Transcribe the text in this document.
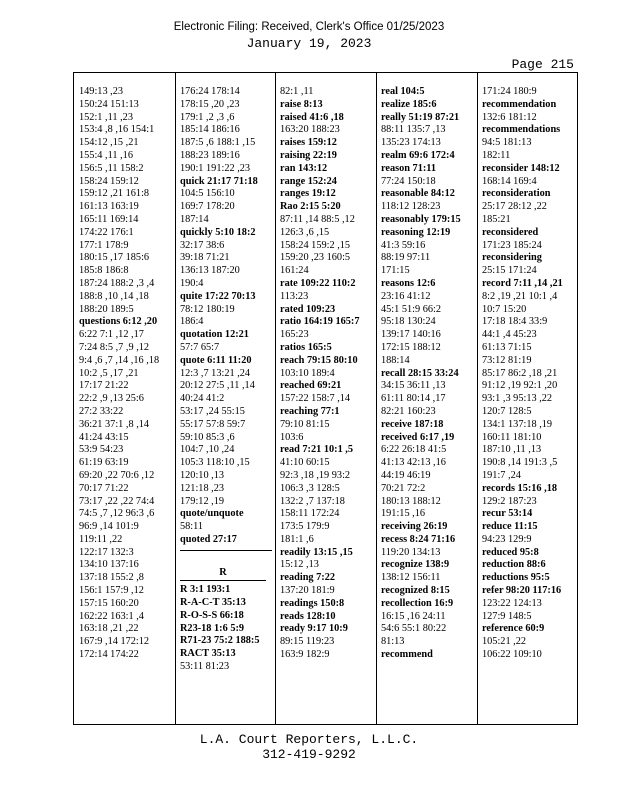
Electronic Filing: Received, Clerk's Office 01/25/2023
January 19, 2023
Page 215
149:13 ,23
150:24 151:13
152:1 ,11 ,23
153:4 ,8 ,16 154:1
154:12 ,15 ,21
155:4 ,11 ,16
156:5 ,11 158:2
158:24 159:12
159:12 ,21 161:8
161:13 163:19
165:11 169:14
174:22 176:1
177:1 178:9
180:15 ,17 185:6
185:8 186:8
187:24 188:2 ,3 ,4
188:8 ,10 ,14 ,18
188:20 189:5
questions 6:12 ,20
6:22 7:1 ,12 ,17
7:24 8:5 ,7 ,9 ,12
9:4 ,6 ,7 ,14 ,16 ,18
10:2 ,5 ,17 ,21
17:17 21:22
22:2 ,9 ,13 25:6
27:2 33:22
36:21 37:1 ,8 ,14
41:24 43:15
53:9 54:23
61:19 63:19
69:20 ,22 70:6 ,12
70:17 71:22
73:17 ,22 ,22 74:4
74:5 ,7 ,12 96:3 ,6
96:9 ,14 101:9
119:11 ,22
122:17 132:3
134:10 137:16
137:18 155:2 ,8
156:1 157:9 ,12
157:15 160:20
162:22 163:1 ,4
163:18 ,21 ,22
167:9 ,14 172:12
172:14 174:22
176:24 178:14
178:15 ,20 ,23
179:1 ,2 ,3 ,6
185:14 186:16
187:5 ,6 188:1 ,15
188:23 189:16
190:1 191:22 ,23
quick 21:17 71:18
104:5 156:10
169:7 178:20
187:14
quickly 5:10 18:2
32:17 38:6
39:18 71:21
136:13 187:20
190:4
quite 17:22 70:13
78:12 180:19
186:4
quotation 12:21
57:7 65:7
quote 6:11 11:20
12:3 ,7 13:21 ,24
20:12 27:5 ,11 ,14
40:24 41:2
53:17 ,24 55:15
55:17 57:8 59:7
59:10 85:3 ,6
104:7 ,10 ,24
105:3 118:10 ,15
120:10 ,13
121:18 ,23
179:12 ,19
quote/unquote
58:11
quoted 27:17
R
R 3:1 193:1
R-A-C-T 35:13
R-O-S-S 66:18
R23-18 1:6 5:9
R71-23 75:2 188:5
RACT 35:13
53:11 81:23
82:1 ,11
raise 8:13
raised 41:6 ,18
163:20 188:23
raises 159:12
raising 22:19
ran 143:12
range 152:24
ranges 19:12
Rao 2:15 5:20
87:11 ,14 88:5 ,12
126:3 ,6 ,15
158:24 159:2 ,15
159:20 ,23 160:5
161:24
rate 109:22 110:2
113:23
rated 109:23
ratio 164:19 165:7
165:23
ratios 165:5
reach 79:15 80:10
103:10 189:4
reached 69:21
157:22 158:7 ,14
reaching 77:1
79:10 81:15
103:6
read 7:21 10:1 ,5
41:10 60:15
92:3 ,18 ,19 93:2
106:3 ,3 128:5
132:2 ,7 137:18
158:11 172:24
173:5 179:9
181:1 ,6
readily 13:15 ,15
15:12 ,13
reading 7:22
137:20 181:9
readings 150:8
reads 128:10
ready 9:17 10:9
89:15 119:23
163:9 182:9
real 104:5
realize 185:6
really 51:19 87:21
88:11 135:7 ,13
135:23 174:13
realm 69:6 172:4
reason 71:11
77:24 150:18
reasonable 84:12
118:12 128:23
reasonably 179:15
reasoning 12:19
41:3 59:16
88:19 97:11
171:15
reasons 12:6
23:16 41:12
45:1 51:9 66:2
95:18 130:24
139:17 140:16
172:15 188:12
188:14
recall 28:15 33:24
34:15 36:11 ,13
61:11 80:14 ,17
82:21 160:23
receive 187:18
received 6:17 ,19
6:22 26:18 41:5
41:13 42:13 ,16
44:19 46:19
70:21 72:2
180:13 188:12
191:15 ,16
receiving 26:19
recess 8:24 71:16
119:20 134:13
recognize 138:9
138:12 156:11
recognized 8:15
recollection 16:9
16:15 ,16 24:11
54:6 55:1 80:22
81:13
recommend
171:24 180:9
recommendation
132:6 181:12
recommendations
94:5 181:13
182:11
reconsider 148:12
168:14 169:4
reconsideration
25:17 28:12 ,22
185:21
reconsidered
171:23 185:24
reconsidering
25:15 171:24
record 7:11 ,14 ,21
8:2 ,19 ,21 10:1 ,4
10:7 15:20
17:18 18:4 33:9
44:1 ,4 45:23
61:13 71:15
73:12 81:19
85:17 86:2 ,18 ,21
91:12 ,19 92:1 ,20
93:1 ,3 95:13 ,22
120:7 128:5
134:1 137:18 ,19
160:11 181:10
187:10 ,11 ,13
190:8 ,14 191:3 ,5
191:7 ,24
records 15:16 ,18
129:2 187:23
recur 53:14
reduce 11:15
94:23 129:9
reduced 95:8
reduction 88:6
reductions 95:5
refer 98:20 117:16
123:22 124:13
127:9 148:5
reference 60:9
105:21 ,22
106:22 109:10
L.A. Court Reporters, L.L.C.
312-419-9292
